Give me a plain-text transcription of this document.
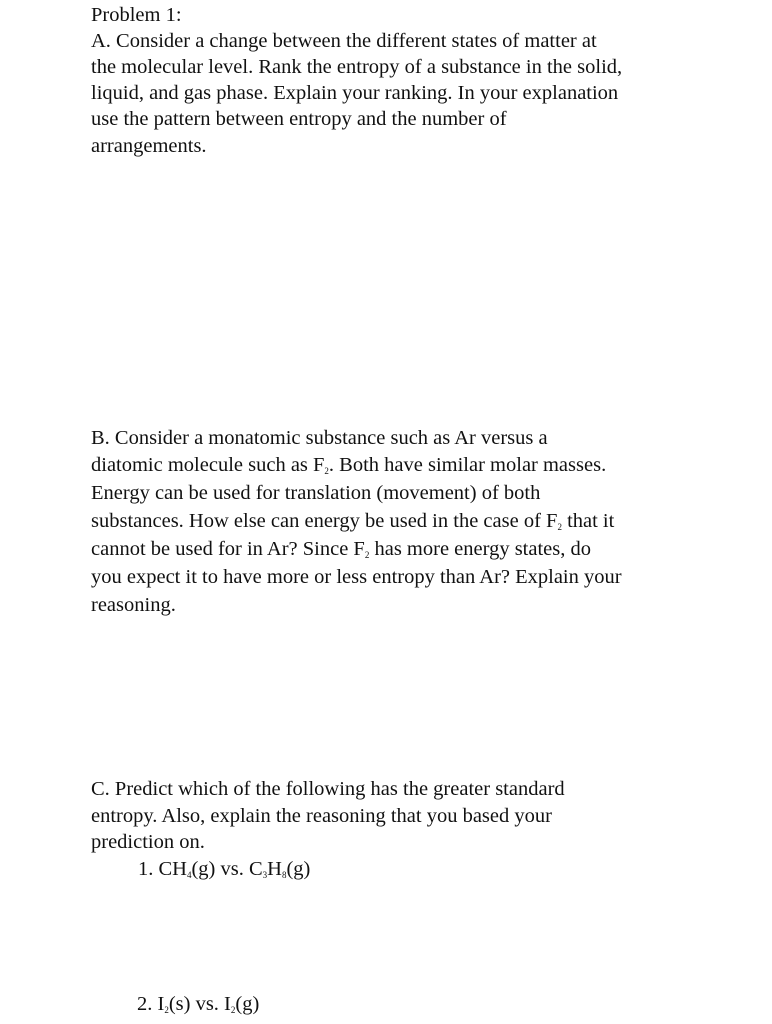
Problem 1:
A. Consider a change between the different states of matter at
the molecular level. Rank the entropy of a substance in the solid,
liquid, and gas phase. Explain your ranking. In your explanation
use the pattern between entropy and the number of
arrangements.
B. Consider a monatomic substance such as Ar versus a
diatomic molecule such as $F_2$. Both have similar molar masses.
Energy can be used for translation (movement) of both
substances. How else can energy be used in the case of $F_2$ that it
cannot be used for in Ar? Since $F_2$ has more energy states, do
you expect it to have more or less entropy than Ar? Explain your
reasoning.
C. Predict which of the following has the greater standard
entropy. Also, explain the reasoning that you based your
prediction on.
1. $CH_4(g)$ vs. $C_3H_8(g)$
2. $I_2(s)$ vs. $I_2(g)$
